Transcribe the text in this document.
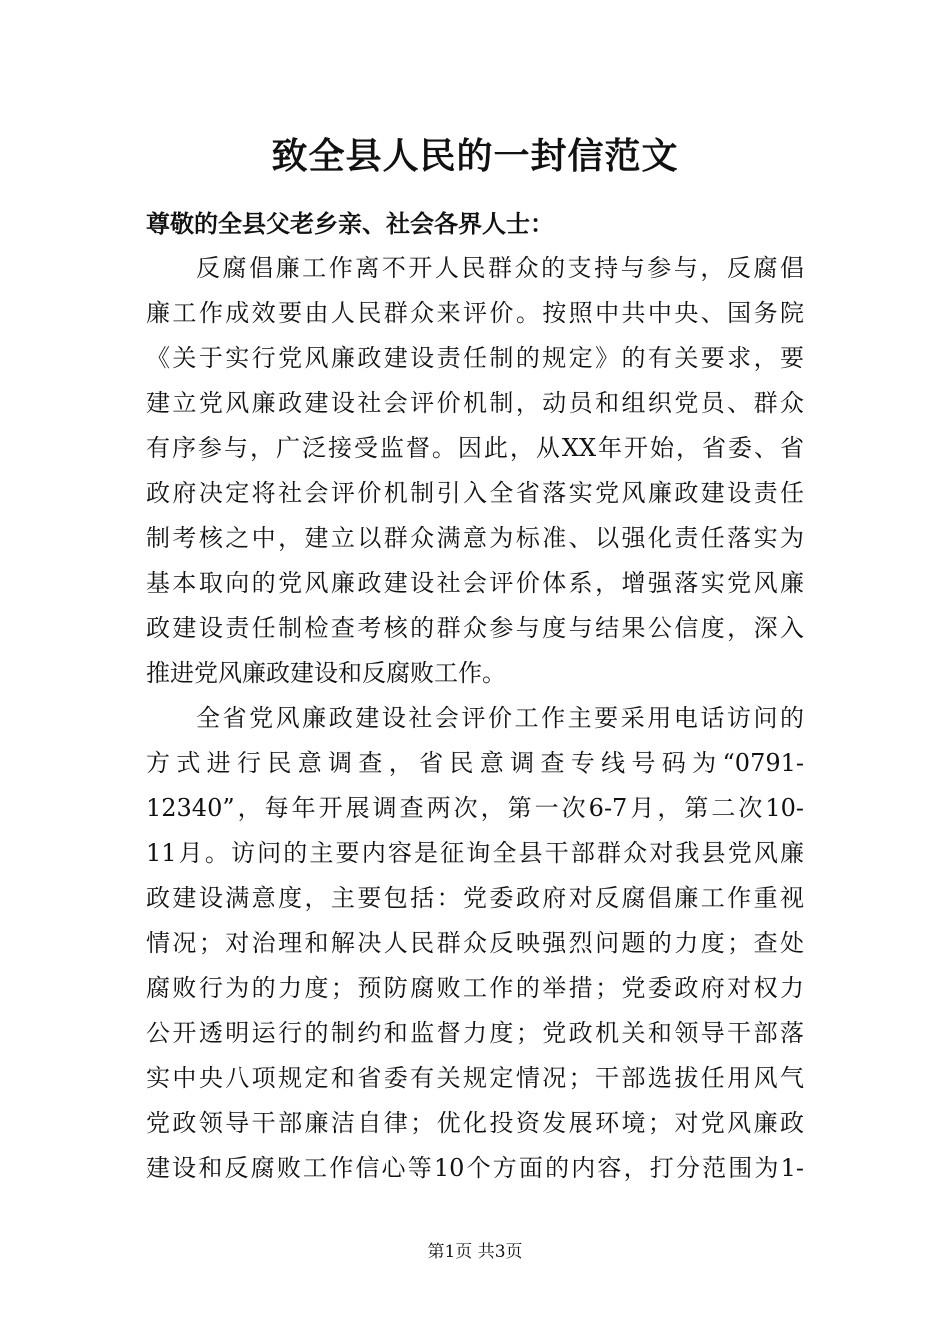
致全县人民的一封信范文

尊敬的全县父老乡亲、社会各界人士：

反腐倡廉工作离不开人民群众的支持与参与，反腐倡

廉工作成效要由人民群众来评价。按照中共中央、国务院

《关于实行党风廉政建设责任制的规定》的有关要求，要

建立党风廉政建设社会评价机制，动员和组织党员、群众

有序参与，广泛接受监督。因此，从XX年开始，省委、省

政府决定将社会评价机制引入全省落实党风廉政建设责任

制考核之中，建立以群众满意为标准、以强化责任落实为

基本取向的党风廉政建设社会评价体系，增强落实党风廉

政建设责任制检查考核的群众参与度与结果公信度，深入

推进党风廉政建设和反腐败工作。

全省党风廉政建设社会评价工作主要采用电话访问的

方式进行民意调查，省民意调查专线号码为“0791-

12340”，每年开展调查两次，第一次6-7月，第二次10-

11月。访问的主要内容是征询全县干部群众对我县党风廉

政建设满意度，主要包括：党委政府对反腐倡廉工作重视

情况；对治理和解决人民群众反映强烈问题的力度；查处

腐败行为的力度；预防腐败工作的举措；党委政府对权力

公开透明运行的制约和监督力度；党政机关和领导干部落

实中央八项规定和省委有关规定情况；干部选拔任用风气

党政领导干部廉洁自律；优化投资发展环境；对党风廉政

建设和反腐败工作信心等10个方面的内容，打分范围为1-

第1页 共3页
